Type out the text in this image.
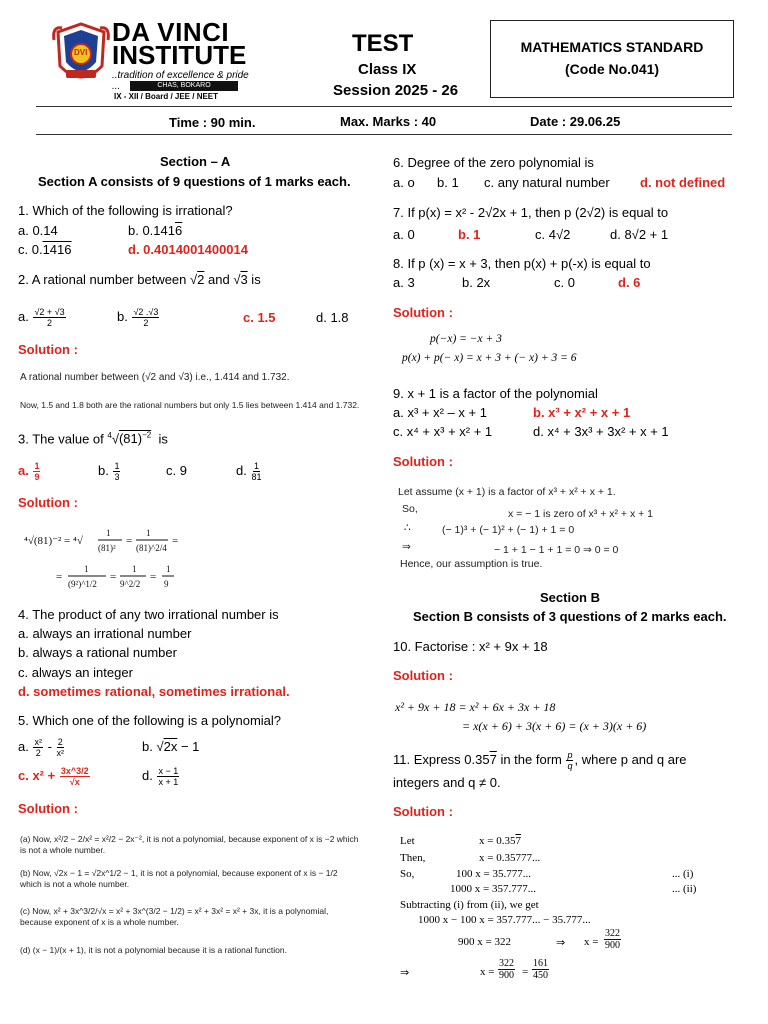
DVI
DA VINCI
INSTITUTE
..tradition of excellence & pride ...	CHAS, BOKARO
IX - XII / Board / JEE / NEET
TEST
Class IX
Session 2025 - 26
MATHEMATICS STANDARD
(Code No.041)
Time : 90 min.	Max. Marks : 40	Date : 29.06.25
Section – A
Section A consists of 9 questions of 1 marks each.
1. Which of the following is irrational?
a. 0.14	b. 0.1416
c. 0.1416	d. 0.4014001400014
2. A rational number between √2 and √3 is
a. $\frac{√2 + √3}{2}$	b. $\frac{√2 .√3}{2}$	c. 1.5	d. 1.8
Solution :
A rational number between (√2 and √3) i.e., 1.414 and 1.732.
Now, 1.5 and 1.8 both are the rational numbers but only 1.5 lies between 1.414 and 1.732.
3. The value of $^4√(81)^{-2}$ is
a. $\frac{1}{9}$	b. $\frac{1}{3}$	c. 9	d. $\frac{1}{81}$
Solution :
⁴√(81)⁻² = ⁴√
1
(81)²
=
1
(81)^2/4
=
=
1
(9²)^1/2
=
1
9^2/2
=
1
9
4. The product of any two irrational number is
a. always an irrational number
b. always a rational number
c. always an integer
d. sometimes rational, sometimes irrational.
5. Which one of the following is a polynomial?
a. $\frac{\text{x²}}{2} - \frac{2}{\text{x²}}$	b. √2x − 1
c. $x^2 + \frac{3x\^{}3/2}{√x}$	d. $\frac{x - 1}{x + 1}$
Solution :
(a) Now, x²/2 − 2/x² = x²/2 − 2x⁻², it is not a polynomial, because exponent of x is −2 which is not a whole number.
(b) Now, √2x − 1 = √2x^1/2 − 1, it is not a polynomial, because exponent of x is − 1/2 which is not a whole number.
(c) Now, x² + 3x^3/2/√x = x² + 3x^(3/2 − 1/2) = x² + 3x² = x² + 3x, it is a polynomial, because exponent of x is a whole number.
(d) (x − 1)/(x + 1), it is not a polynomial because it is a rational function.
6. Degree of the zero polynomial is
a. o b. 1 c. any natural number d. not defined
7. If p(x) = x² - 2√2x + 1, then p (2√2) is equal to
a. 0	b. 1	c. 4√2	d. 8√2 + 1
8. If p (x) = x + 3, then p(x) + p(-x) is equal to
a. 3	b. 2x	c. 0	d. 6
Solution :
p(−x) = −x + 3
p(x) + p(− x) = x + 3 + (− x) + 3 = 6
9. x + 1 is a factor of the polynomial
a. x³ + x² – x + 1	b. x³ + x² + x + 1
c. x⁴ + x³ + x² + 1	d. x⁴ + 3x³ + 3x² + x + 1
Solution :
Let assume (x + 1) is a factor of x³ + x² + x + 1.
So,	x = − 1 is zero of x³ + x² + x + 1
∴	(− 1)³ + (− 1)² + (− 1) + 1 = 0
⇒	− 1 + 1 − 1 + 1 = 0 ⇒ 0 = 0
Hence, our assumption is true.
Section B
Section B consists of 3 questions of 2 marks each.
10. Factorise : x² + 9x + 18
Solution :
x² + 9x + 18 = x² + 6x + 3x + 18
= x(x + 6) + 3(x + 6) = (x + 3)(x + 6)
11. Express 0.357 in the form $\frac{p}{q}$ , where p and q are
integers and q ≠ 0.
Solution :
Let	x = 0.357
Then,	x = 0.35777...
So,	100 x = 35.777...	... (i)
1000 x = 357.777...	... (ii)
Subtracting (i) from (ii), we get
1000 x − 100 x = 357.777... − 35.777...
900 x = 322	⇒ x =
322
900
⇒	x =
322
900 =
161
450
